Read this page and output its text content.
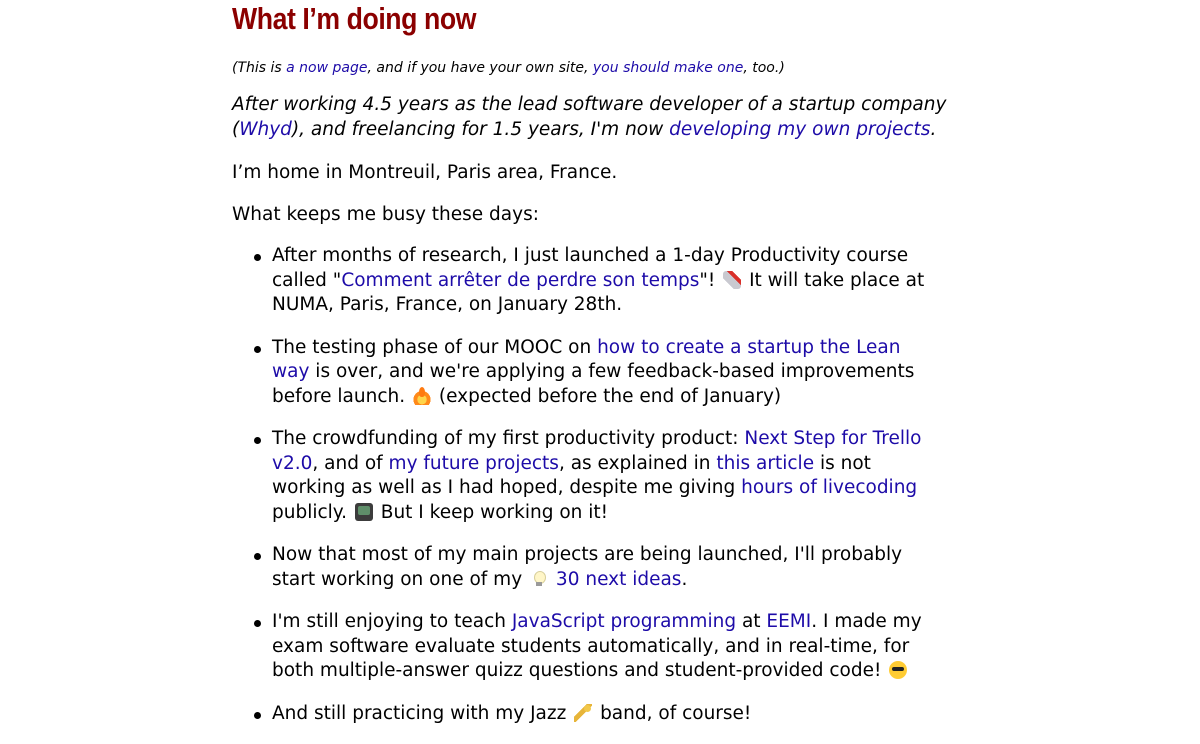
What I’m doing now
(This is a now page, and if you have your own site, you should make one, too.)
After working 4.5 years as the lead software developer of a startup company (Whyd), and freelancing for 1.5 years, I'm now developing my own projects.
I’m home in Montreuil, Paris area, France.
What keeps me busy these days:
After months of research, I just launched a 1-day Productivity course called "Comment arrêter de perdre son temps"!  It will take place at NUMA, Paris, France, on January 28th.
The testing phase of our MOOC on how to create a startup the Lean way is over, and we're applying a few feedback-based improvements before launch.  (expected before the end of January)
The crowdfunding of my first productivity product: Next Step for Trello v2.0, and of my future projects, as explained in this article is not working as well as I had hoped, despite me giving hours of livecoding publicly.  But I keep working on it!
Now that most of my main projects are being launched, I'll probably start working on one of my  30 next ideas.
I'm still enjoying to teach JavaScript programming at EEMI. I made my exam software evaluate students automatically, and in real-time, for both multiple-answer quizz questions and student-provided code!
And still practicing with my Jazz  band, of course!
